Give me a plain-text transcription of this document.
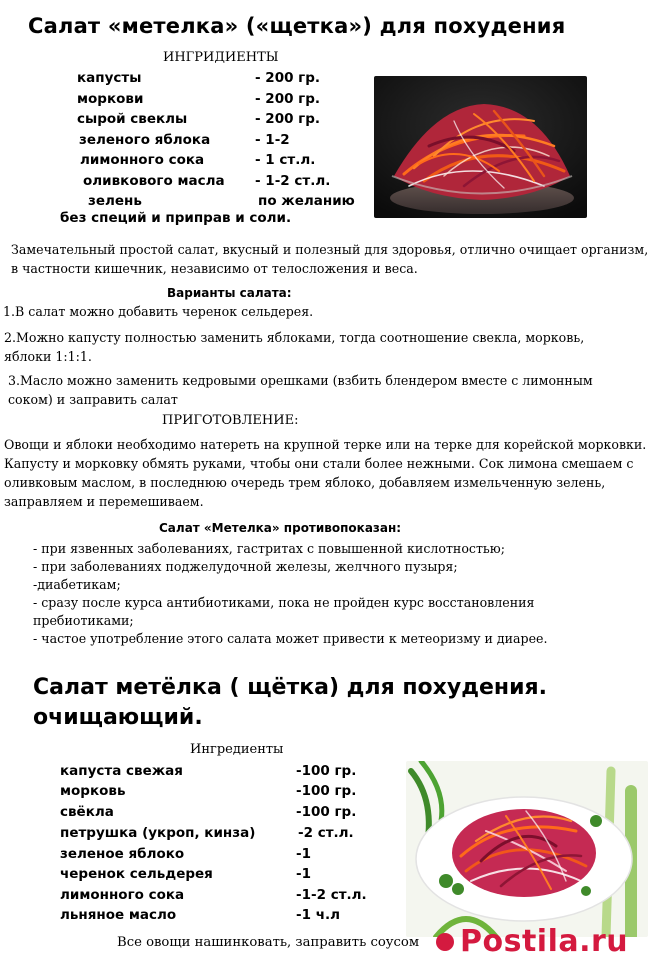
Салат «метелка» («щетка») для похудения
ИНГРИДИЕНТЫ
капусты	- 200 гр.
моркови	- 200 гр.
сырой свеклы	- 200 гр.
зеленого яблока	- 1-2
лимонного сока	- 1 ст.л.
оливкового масла - 1-2 ст.л.
зелень	по желанию
без специй и приправ и соли.
Замечательный простой салат, вкусный и полезный для здоровья, отлично очищает организм, в частности кишечник, независимо от телосложения и веса.
Варианты салата:
1.В салат можно добавить черенок сельдерея.
2.Можно капусту полностью заменить яблоками, тогда соотношение свекла, морковь, яблоки 1:1:1.
3.Масло можно заменить кедровыми орешками (взбить блендером вместе с лимонным соком) и заправить салат
ПРИГОТОВЛЕНИЕ:
Овощи и яблоки необходимо натереть на крупной терке или на терке для корейской морковки. Капусту и морковку обмять руками, чтобы они стали более нежными. Сок лимона смешаем с оливковым маслом, в последнюю очередь трем яблоко, добавляем измельченную зелень, заправляем и перемешиваем.
Салат «Метелка» противопоказан:
- при язвенных заболеваниях, гастритах с повышенной кислотностью;
- при заболеваниях поджелудочной железы, желчного пузыря;
-диабетикам;
- сразу после курса антибиотиками, пока не пройден курс восстановления пребиотиками;
- частое употребление этого салата может привести к метеоризму и диарее.
Салат метёлка ( щётка) для похудения. очищающий.
Ингредиенты
капуста свежая	-100 гр.
морковь	-100 гр.
свёкла	-100 гр.
петрушка (укроп, кинза)	-2 ст.л.
зеленое яблоко	-1
черенок сельдерея	-1
лимонного сока	-1-2 ст.л.
льняное масло	-1 ч.л
Все овощи нашинковать, заправить соусом Postila.ru
